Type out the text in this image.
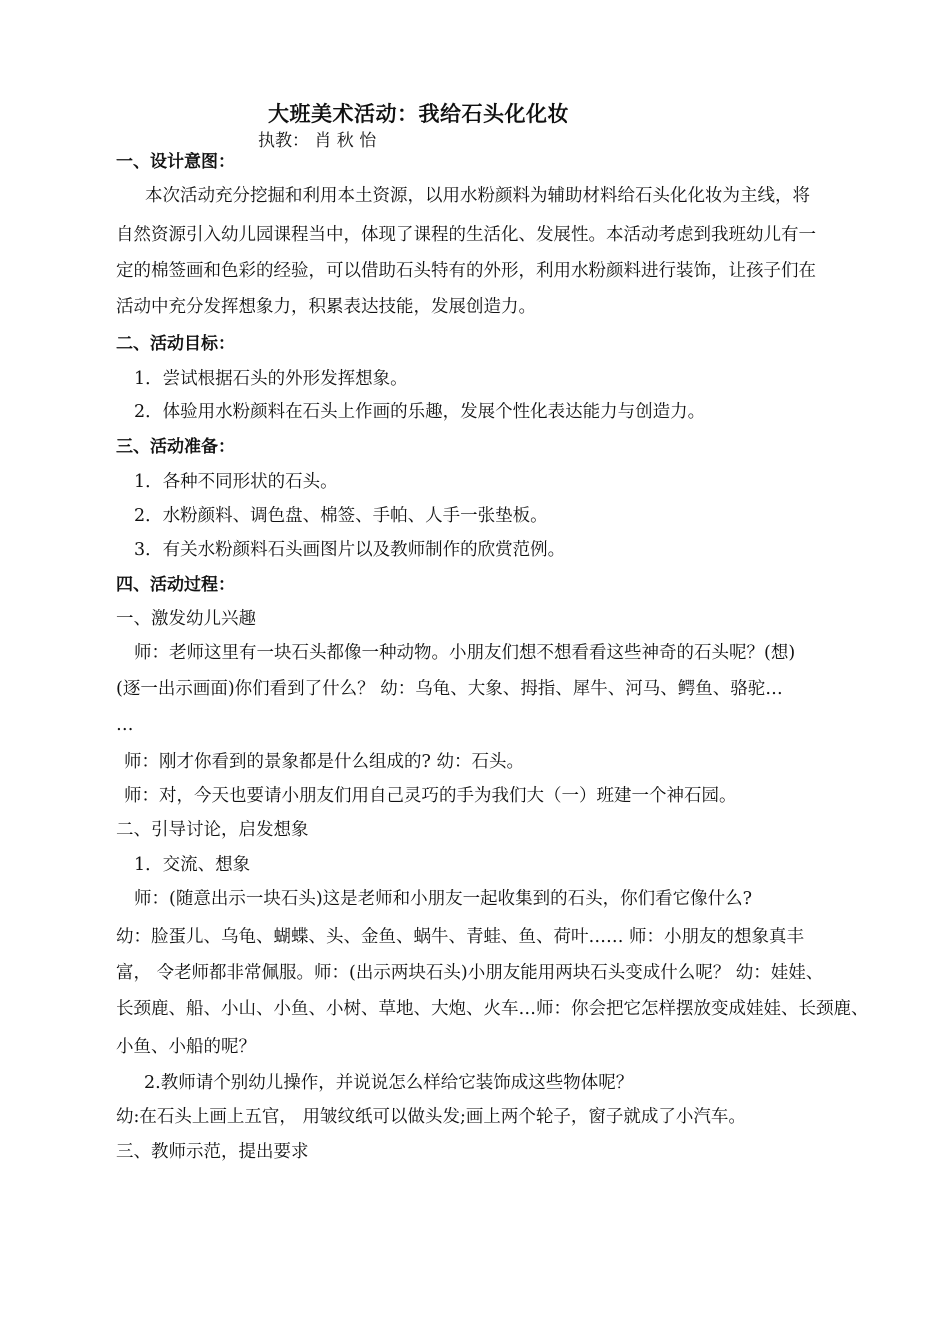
大班美术活动：我给石头化化妆
执教： 肖 秋 怡
一、设计意图：
本次活动充分挖掘和利用本土资源，以用水粉颜料为辅助材料给石头化化妆为主线，将
自然资源引入幼儿园课程当中，体现了课程的生活化、发展性。本活动考虑到我班幼儿有一
定的棉签画和色彩的经验，可以借助石头特有的外形，利用水粉颜料进行装饰，让孩子们在
活动中充分发挥想象力，积累表达技能，发展创造力。
二、活动目标：
1．尝试根据石头的外形发挥想象。
2．体验用水粉颜料在石头上作画的乐趣，发展个性化表达能力与创造力。
三、活动准备：
1．各种不同形状的石头。
2．水粉颜料、调色盘、棉签、手帕、人手一张垫板。
3．有关水粉颜料石头画图片以及教师制作的欣赏范例。
四、活动过程：
一、激发幼儿兴趣
师：老师这里有一块石头都像一种动物。小朋友们想不想看看这些神奇的石头呢？(想)
(逐一出示画面)你们看到了什么？ 幼：乌龟、大象、拇指、犀牛、河马、鳄鱼、骆驼…
…
师：刚才你看到的景象都是什么组成的? 幼：石头。
师：对，今天也要请小朋友们用自己灵巧的手为我们大（一）班建一个神石园。
二、引导讨论，启发想象
1．交流、想象
师：(随意出示一块石头)这是老师和小朋友一起收集到的石头，你们看它像什么?
幼：脸蛋儿、乌龟、蝴蝶、头、金鱼、蜗牛、青蛙、鱼、荷叶…… 师：小朋友的想象真丰
富， 令老师都非常佩服。师：(出示两块石头)小朋友能用两块石头变成什么呢？ 幼：娃娃、
长颈鹿、船、小山、小鱼、小树、草地、大炮、火车…师：你会把它怎样摆放变成娃娃、长颈鹿、
小鱼、小船的呢？
2.教师请个别幼儿操作，并说说怎么样给它装饰成这些物体呢？
幼:在石头上画上五官， 用皱纹纸可以做头发;画上两个轮子，窗子就成了小汽车。
三、教师示范，提出要求
